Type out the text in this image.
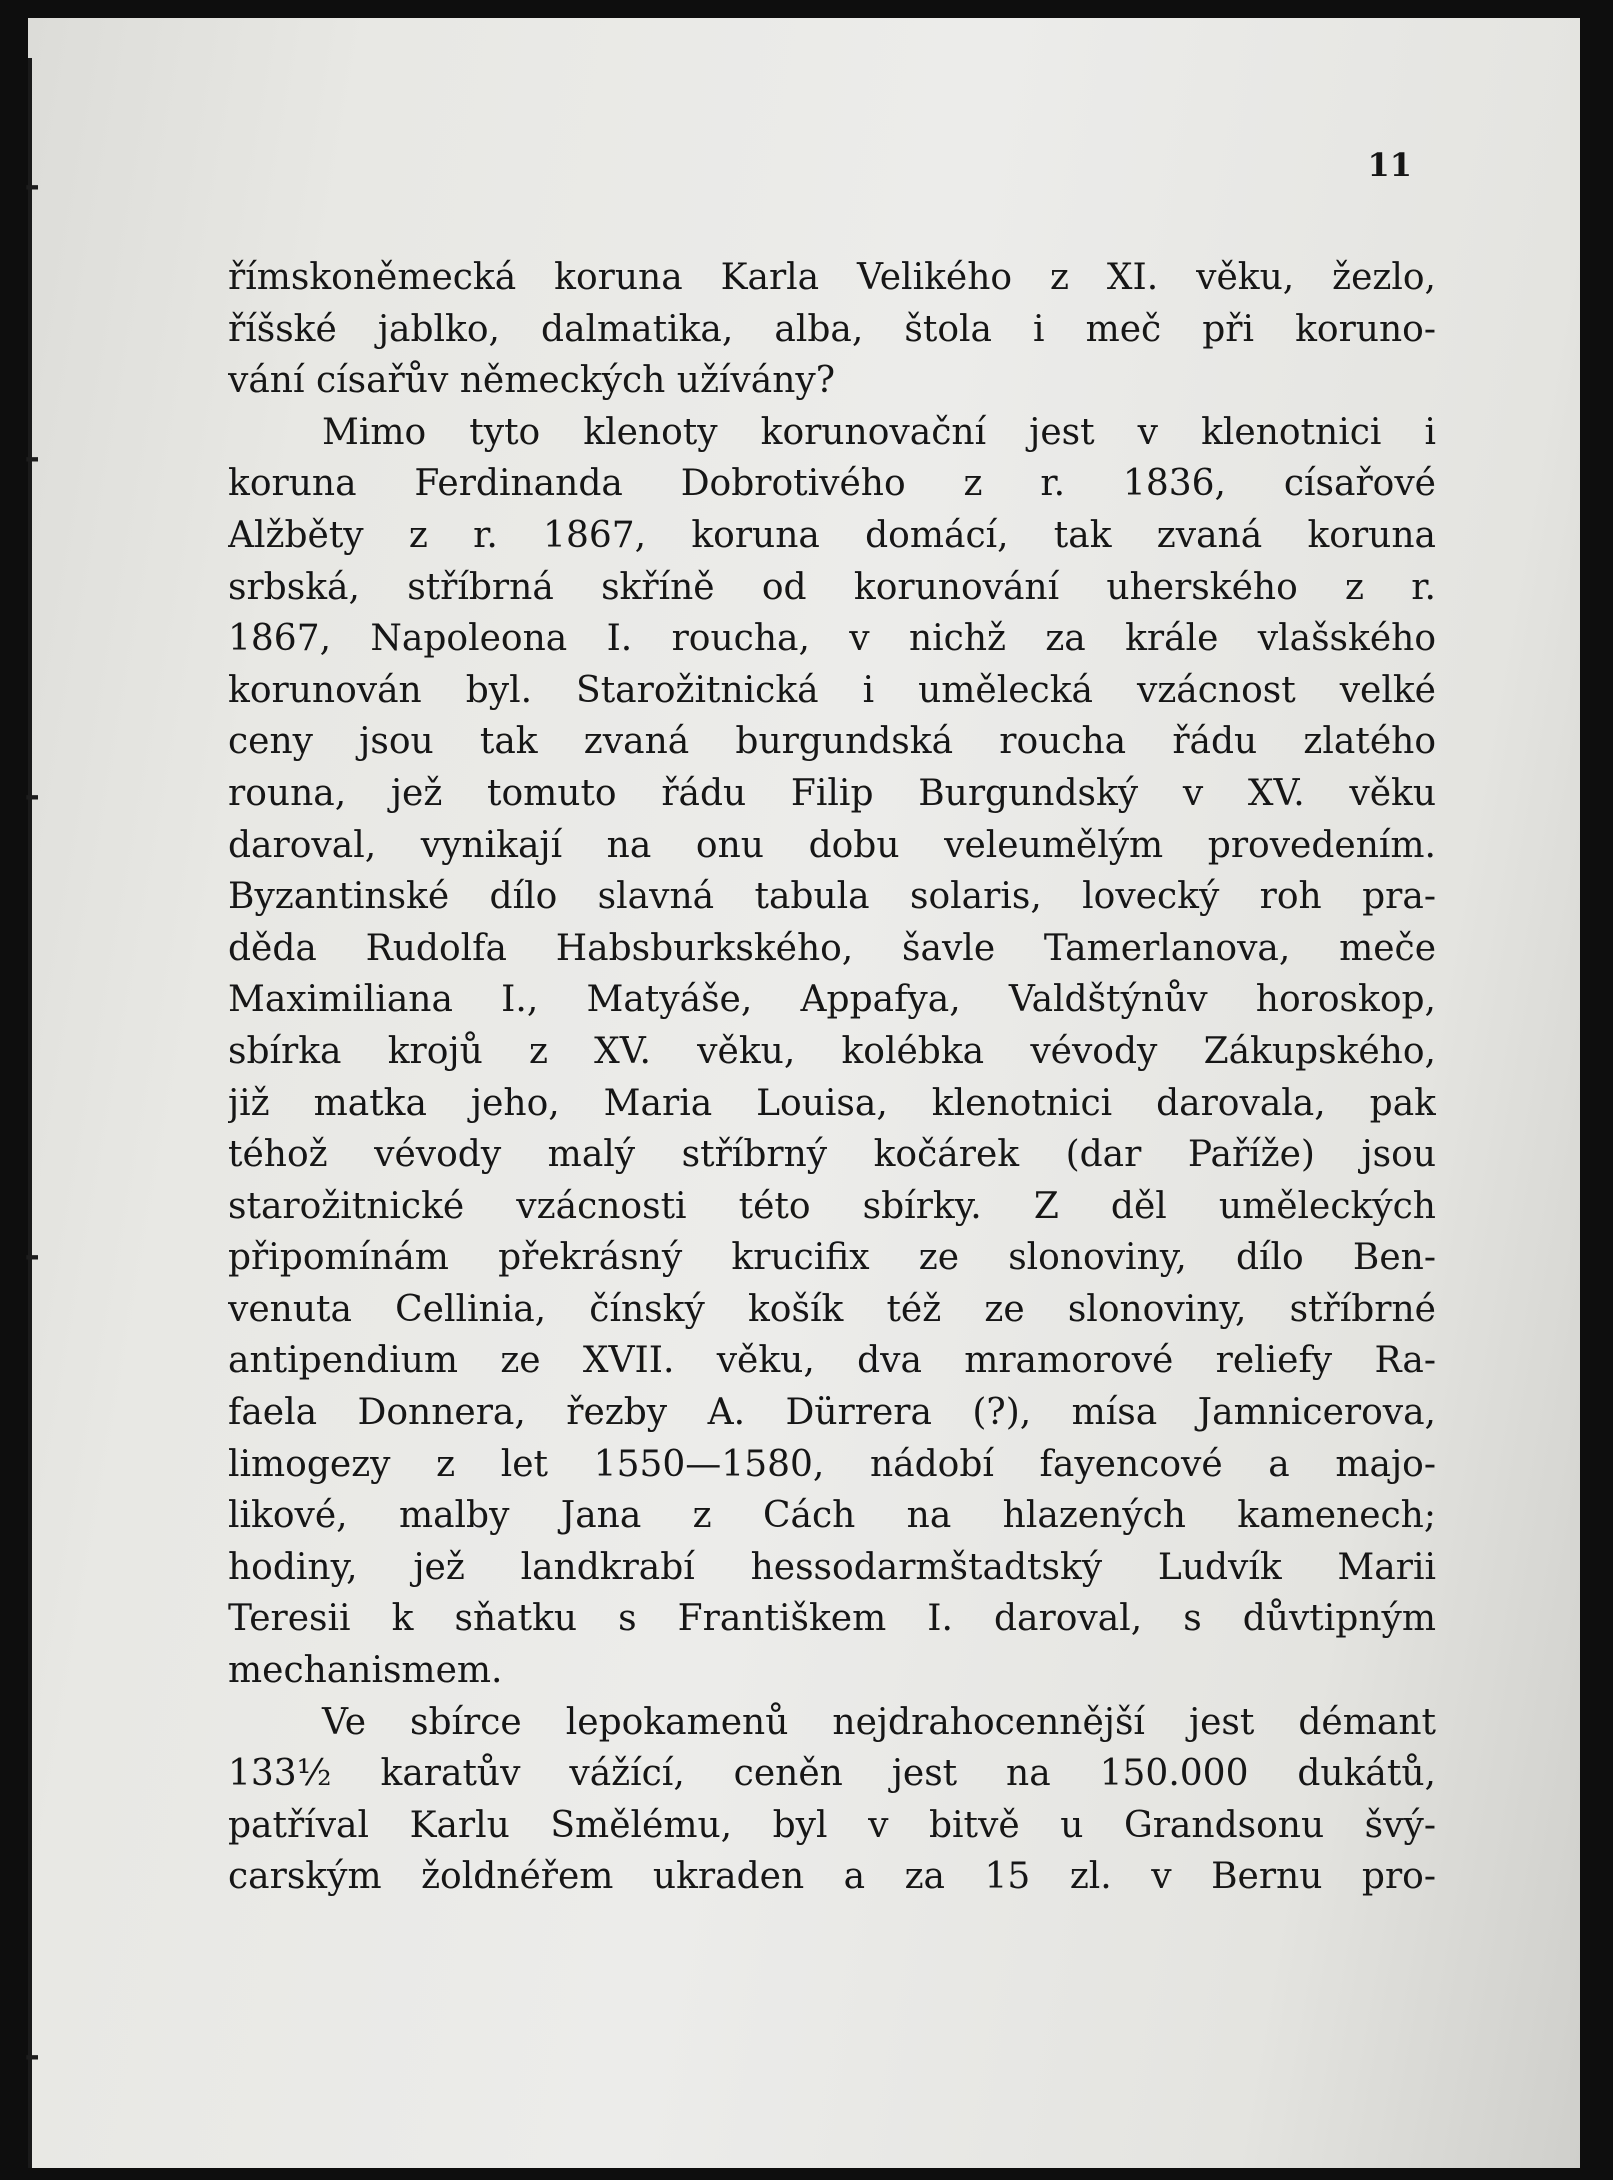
⁃
⁃
⁃
⁃
⁃
11
římskoněmecká koruna Karla Velikého z XI. věku, žezlo,
říšské jablko, dalmatika, alba, štola i meč při koruno-
vání císařův německých užívány?
Mimo tyto klenoty korunovační jest v klenotnici i
koruna Ferdinanda Dobrotivého z r. 1836, císařové
Alžběty z r. 1867, koruna domácí, tak zvaná koruna
srbská, stříbrná skříně od korunování uherského z r.
1867, Napoleona I. roucha, v nichž za krále vlašského
korunován byl. Starožitnická i umělecká vzácnost velké
ceny jsou tak zvaná burgundská roucha řádu zlatého
rouna, jež tomuto řádu Filip Burgundský v XV. věku
daroval, vynikají na onu dobu veleumělým provedením.
Byzantinské dílo slavná tabula solaris, lovecký roh pra-
děda Rudolfa Habsburkského, šavle Tamerlanova, meče
Maximiliana I., Matyáše, Appafya, Valdštýnův horoskop,
sbírka krojů z XV. věku, kolébka vévody Zákupského,
již matka jeho, Maria Louisa, klenotnici darovala, pak
téhož vévody malý stříbrný kočárek (dar Paříže) jsou
starožitnické vzácnosti této sbírky. Z děl uměleckých
připomínám překrásný krucifix ze slonoviny, dílo Ben-
venuta Cellinia, čínský košík též ze slonoviny, stříbrné
antipendium ze XVII. věku, dva mramorové reliefy Ra-
faela Donnera, řezby A. Dürrera (?), mísa Jamnicerova,
limogezy z let 1550—1580, nádobí fayencové a majo-
likové, malby Jana z Cách na hlazených kamenech;
hodiny, jež landkrabí hessodarmštadtský Ludvík Marii
Teresii k sňatku s Františkem I. daroval, s důvtipným
mechanismem.
Ve sbírce lepokamenů nejdrahocennější jest démant
133½ karatův vážící, ceněn jest na 150.000 dukátů,
patříval Karlu Smělému, byl v bitvě u Grandsonu švý-
carským žoldnéřem ukraden a za 15 zl. v Bernu pro-
